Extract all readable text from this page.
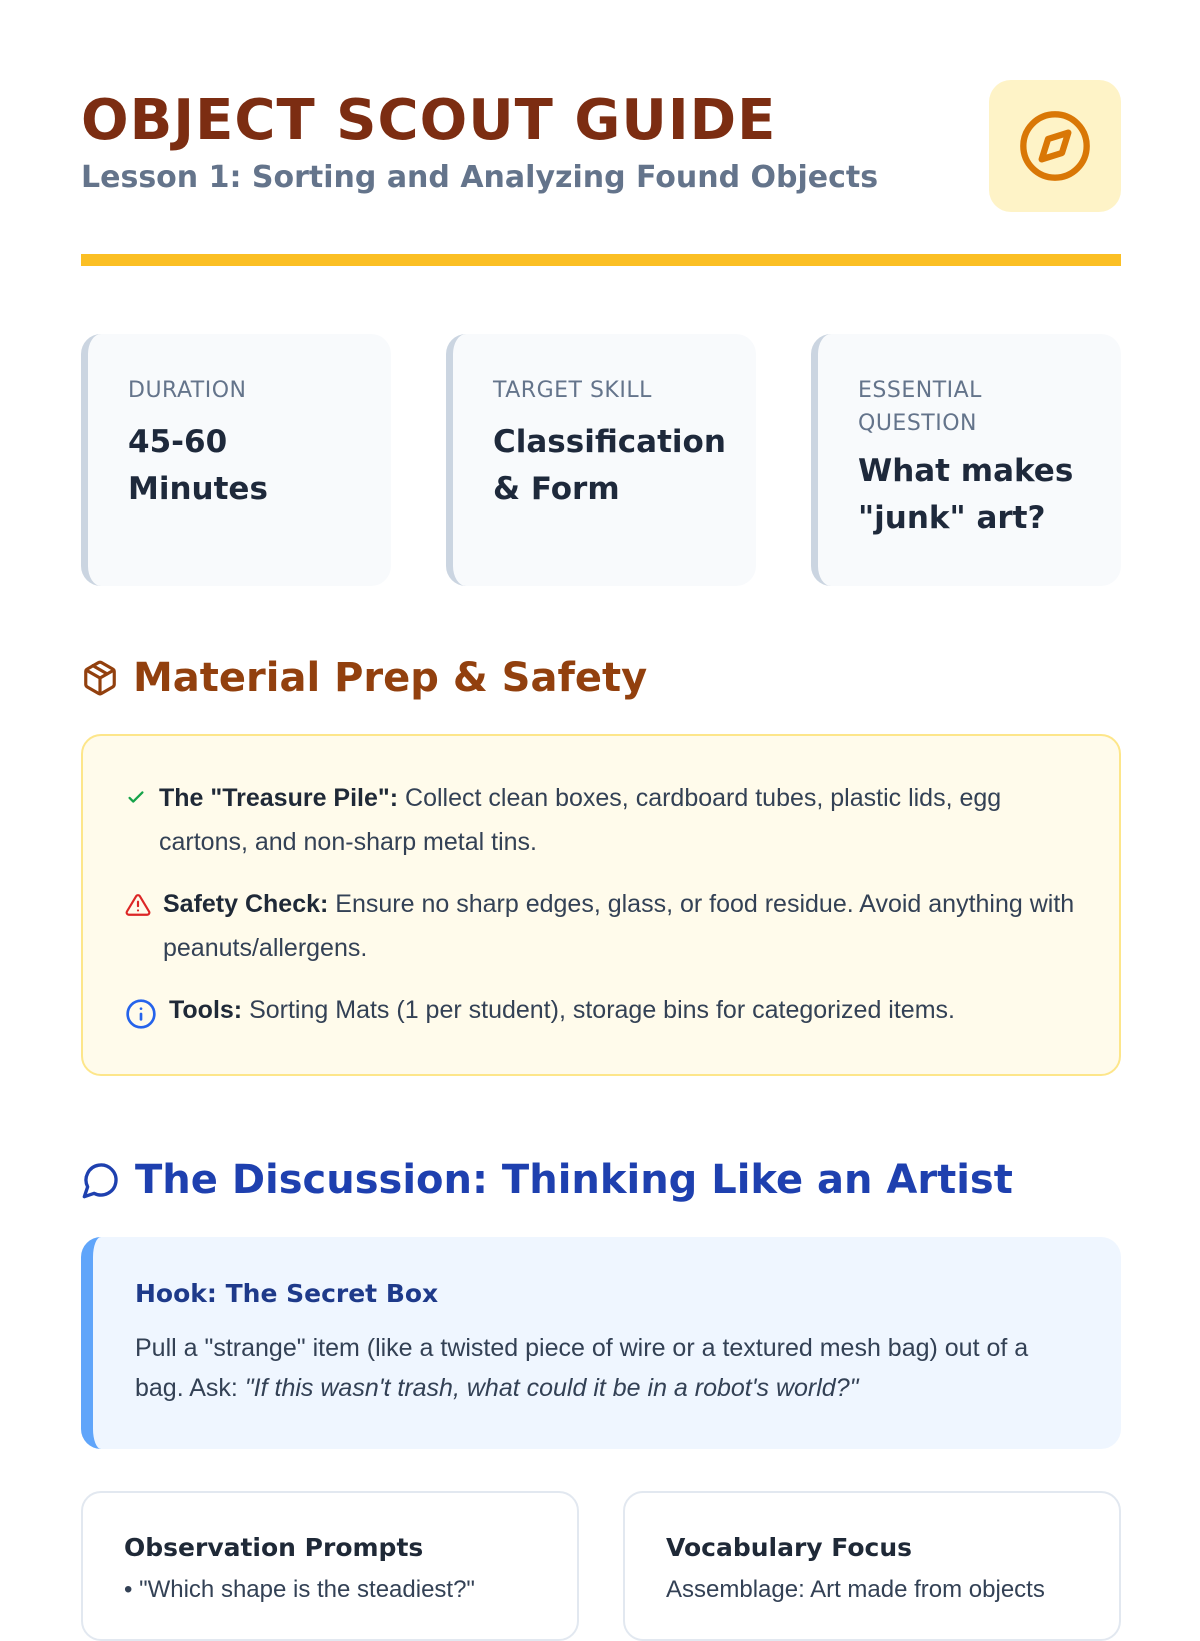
OBJECT SCOUT GUIDE

Lesson 1: Sorting and Analyzing Found Objects

DURATION
45-60
Minutes
TARGET SKILL
Classification
& Form
ESSENTIAL
QUESTION
What makes
"junk" art?
Material Prep & Safety
The "Treasure Pile": Collect clean boxes, cardboard tubes, plastic lids, egg cartons, and non-sharp metal tins.
Safety Check: Ensure no sharp edges, glass, or food residue. Avoid anything with peanuts/allergens.
Tools: Sorting Mats (1 per student), storage bins for categorized items.
The Discussion: Thinking Like an Artist
Hook: The Secret Box
Pull a "strange" item (like a twisted piece of wire or a textured mesh bag) out of a bag. Ask: "If this wasn't trash, what could it be in a robot's world?"
Observation Prompts
• "Which shape is the steadiest?"
Vocabulary Focus
Assemblage: Art made from objects
